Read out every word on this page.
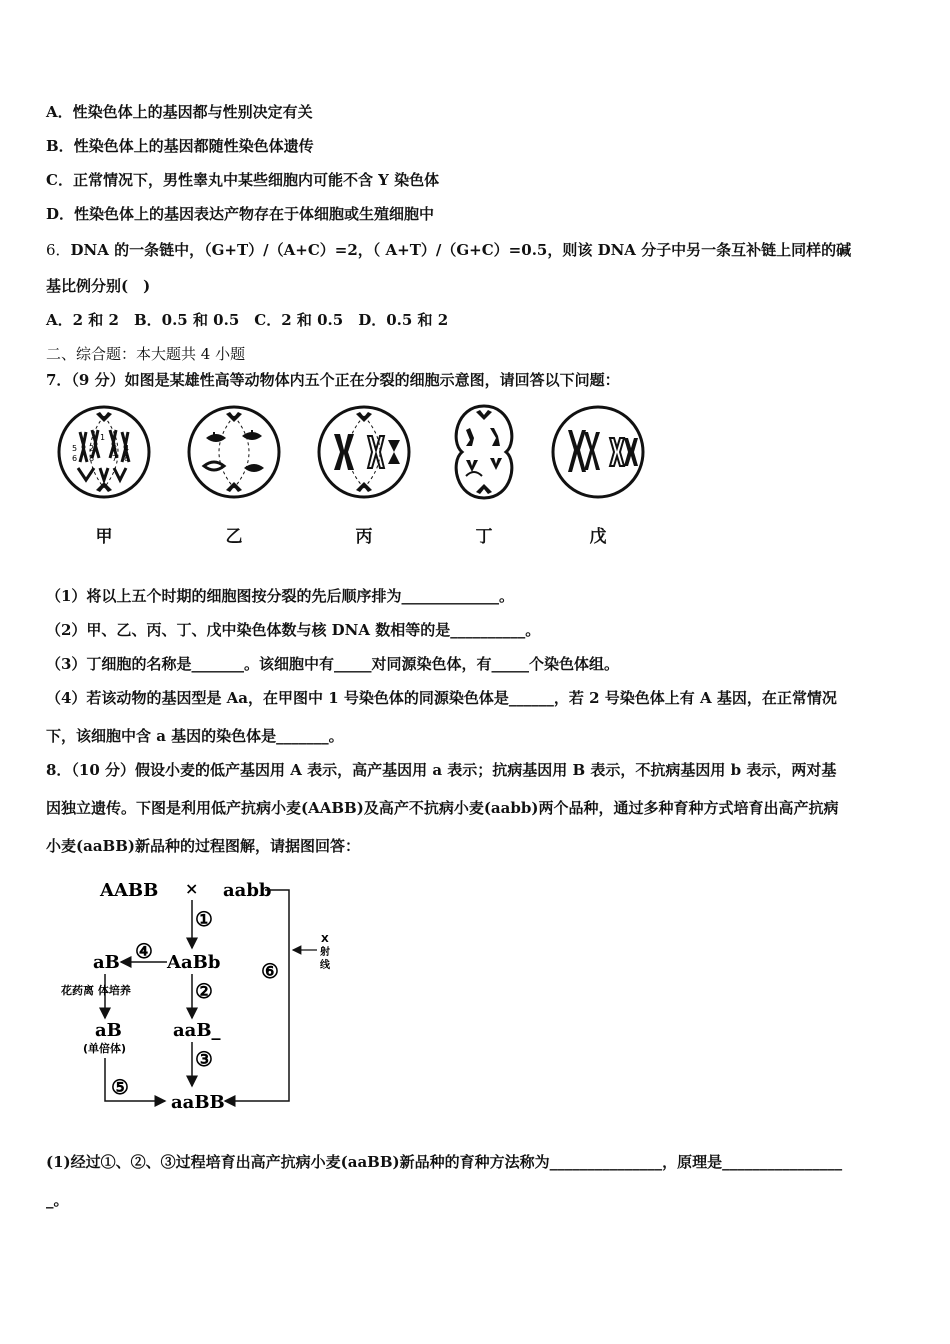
A．性染色体上的基因都与性别决定有关
B．性染色体上的基因都随性染色体遗传
C．正常情况下，男性睾丸中某些细胞内可能不含 Y 染色体
D．性染色体上的基因表达产物存在于体细胞或生殖细胞中
6．DNA 的一条链中，（G+T）/（A+C）=2，（ A+T）/（G+C）=0.5，则该 DNA 分子中另一条互补链上同样的碱
基比例分别(　)
A．2 和 2　B．0.5 和 0.5　C．2 和 0.5　D．0.5 和 2
二、综合题：本大题共 4 小题
7．（9 分）如图是某雄性高等动物体内五个正在分裂的细胞示意图，请回答以下问题：
5
6
2
8
3
7
4
8
1
甲	乙	丙	丁	戊
（1）将以上五个时期的细胞图按分裂的先后顺序排为_____________。
（2）甲、乙、丙、丁、戊中染色体数与核 DNA 数相等的是__________。
（3）丁细胞的名称是_______。该细胞中有_____对同源染色体，有_____个染色体组。
（4）若该动物的基因型是 Aa，在甲图中 1 号染色体的同源染色体是______，若 2 号染色体上有 A 基因，在正常情况
下，该细胞中含 a 基因的染色体是_______。
8．（10 分）假设小麦的低产基因用 A 表示，高产基因用 a 表示；抗病基因用 B 表示，不抗病基因用 b 表示，两对基
因独立遗传。下图是利用低产抗病小麦(AABB)及高产不抗病小麦(aabb)两个品种，通过多种育种方式培育出高产抗病
小麦(aaBB)新品种的过程图解，请据图回答：
AABB × aabb
①
AaBb
④
aB
花药离 体培养
aB
(单倍体)
②
aaB_
③
aaBB
⑤
⑥
X
射
线
(1)经过①、②、③过程培育出高产抗病小麦(aaBB)新品种的育种方法称为_______________，原理是________________
_。
